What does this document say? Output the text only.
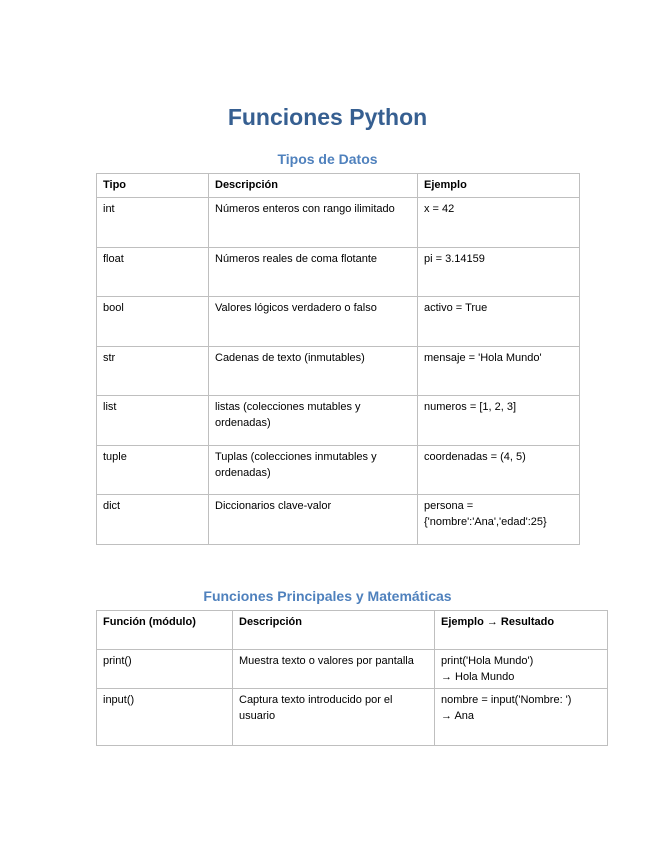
Funciones Python
Tipos de Datos
Tipo	Descripción	Ejemplo
int	Números enteros con rango ilimitado	x = 42
float	Números reales de coma flotante	pi = 3.14159
bool	Valores lógicos verdadero o falso	activo = True
str	Cadenas de texto (inmutables)	mensaje = 'Hola Mundo'
list	listas (colecciones mutables y
ordenadas)	numeros = [1, 2, 3]
tuple	Tuplas (colecciones inmutables y
ordenadas)	coordenadas = (4, 5)
dict	Diccionarios clave-valor	persona =
{'nombre':'Ana','edad':25}
Funciones Principales y Matemáticas
Función (módulo)	Descripción	Ejemplo → Resultado
print()	Muestra texto o valores por pantalla	print('Hola Mundo')
→ Hola Mundo
input()	Captura texto introducido por el
usuario	nombre = input('Nombre: ')
→ Ana
